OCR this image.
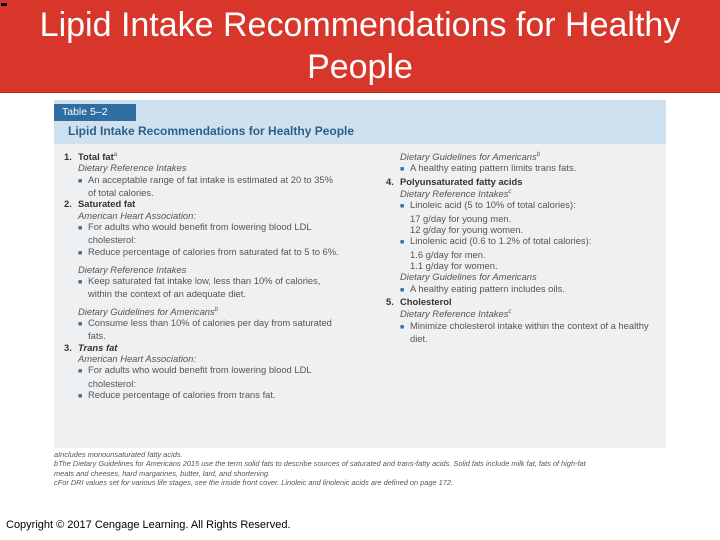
Lipid Intake Recommendations for Healthy People
Table 5–2
Lipid Intake Recommendations for Healthy People
1. Total fat$^a$
Dietary Reference Intakes
■ An acceptable range of fat intake is estimated at 20 to 35%
of total calories.
2. Saturated fat
American Heart Association:
■ For adults who would benefit from lowering blood LDL
cholesterol:
■ Reduce percentage of calories from saturated fat to 5 to 6%.
Dietary Reference Intakes
■ Keep saturated fat intake low, less than 10% of calories,
within the context of an adequate diet.
Dietary Guidelines for Americans$^b$
■ Consume less than 10% of calories per day from saturated
fats.
3. Trans fat
American Heart Association:
■ For adults who would benefit from lowering blood LDL
cholesterol:
■ Reduce percentage of calories from trans fat.
Dietary Guidelines for Americans$^b$
■ A healthy eating pattern limits trans fats.
4. Polyunsaturated fatty acids
Dietary Reference Intakes$^c$
■ Linoleic acid (5 to 10% of total calories):
17 g/day for young men.
12 g/day for young women.
■ Linolenic acid (0.6 to 1.2% of total calories):
1.6 g/day for men.
1.1 g/day for women.
Dietary Guidelines for Americans
■ A healthy eating pattern includes oils.
5. Cholesterol
Dietary Reference Intakes$^c$
■ Minimize cholesterol intake within the context of a healthy
diet.
aIncludes monounsaturated fatty acids.
bThe Dietary Guidelines for Americans 2015 use the term solid fats to describe sources of saturated and trans-fatty acids. Solid fats include milk fat, fats of high-fat
meats and cheeses, hard margarines, butter, lard, and shortening.
cFor DRI values set for various life stages, see the inside front cover. Linoleic and linolenic acids are defined on page 172.
Copyright © 2017 Cengage Learning. All Rights Reserved.
